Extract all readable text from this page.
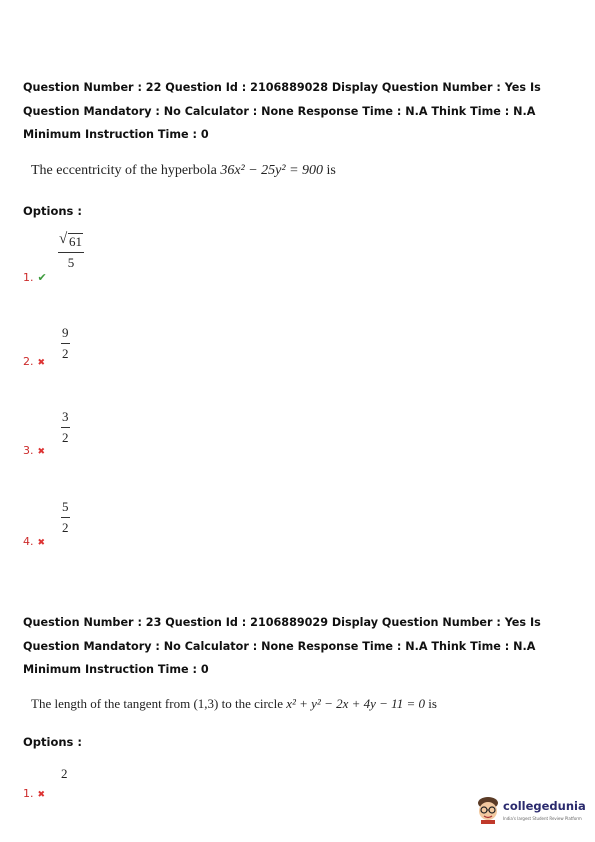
Question Number : 22 Question Id : 2106889028 Display Question Number : Yes Is Question Mandatory : No Calculator : None Response Time : N.A Think Time : N.A Minimum Instruction Time : 0
The eccentricity of the hyperbola 36x² − 25y² = 900 is
Options :
√ 61
5
1. ✔
9
2
2. ✖
3
2
3. ✖
5
2
4. ✖
Question Number : 23 Question Id : 2106889029 Display Question Number : Yes Is Question Mandatory : No Calculator : None Response Time : N.A Think Time : N.A Minimum Instruction Time : 0
The length of the tangent from (1,3) to the circle x² + y² − 2x + 4y − 11 = 0 is
Options :
2
1. ✖
collegedunia
India's largest Student Review Platform
